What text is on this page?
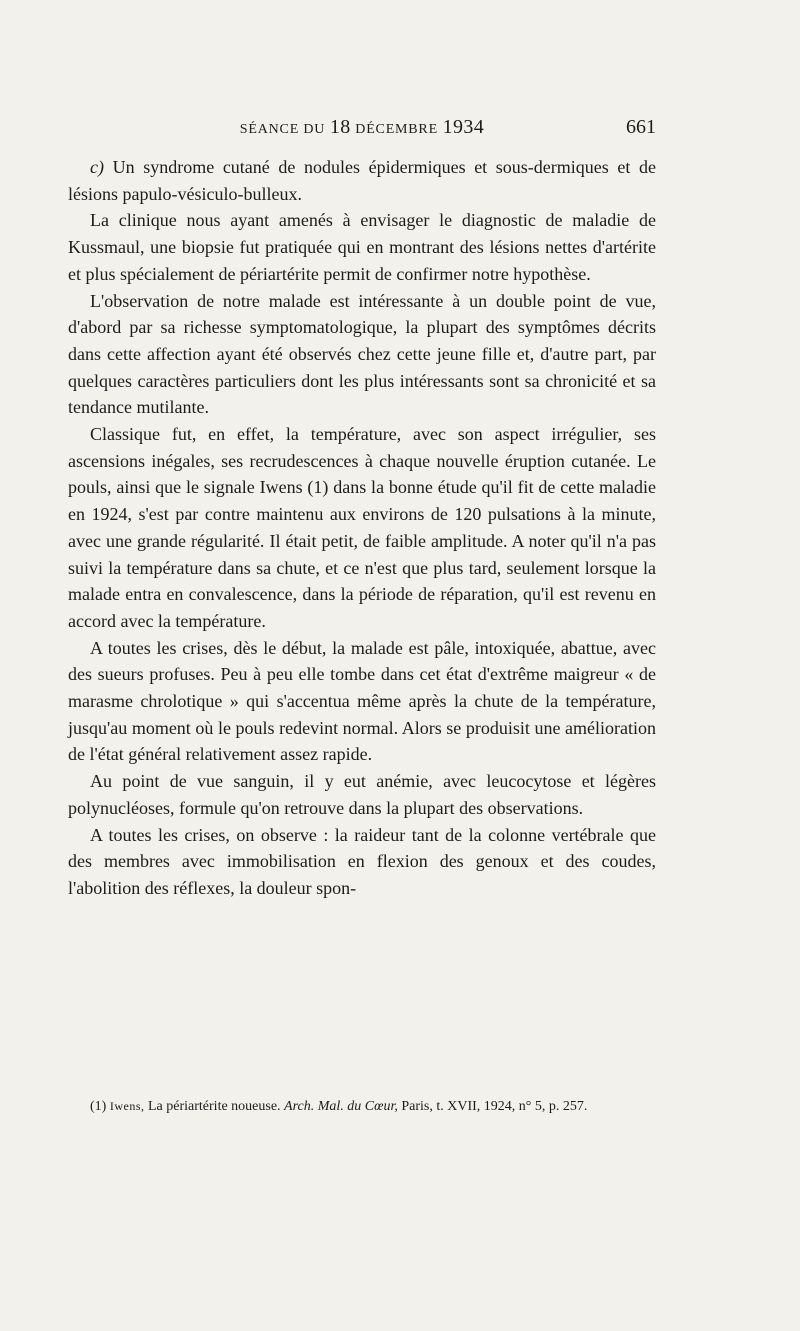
SÉANCE DU 18 DÉCEMBRE 1934	661

c) Un syndrome cutané de nodules épidermiques et sous-dermiques et de lésions papulo-vésiculo-bulleux.

La clinique nous ayant amenés à envisager le diagnostic de maladie de Kussmaul, une biopsie fut pratiquée qui en montrant des lésions nettes d'artérite et plus spécialement de périartérite permit de confirmer notre hypothèse.

L'observation de notre malade est intéressante à un double point de vue, d'abord par sa richesse symptomatologique, la plupart des symptômes décrits dans cette affection ayant été observés chez cette jeune fille et, d'autre part, par quelques caractères particuliers dont les plus intéressants sont sa chronicité et sa tendance mutilante.

Classique fut, en effet, la température, avec son aspect irrégulier, ses ascensions inégales, ses recrudescences à chaque nouvelle éruption cutanée. Le pouls, ainsi que le signale Iwens (1) dans la bonne étude qu'il fit de cette maladie en 1924, s'est par contre maintenu aux environs de 120 pulsations à la minute, avec une grande régularité. Il était petit, de faible amplitude. A noter qu'il n'a pas suivi la température dans sa chute, et ce n'est que plus tard, seulement lorsque la malade entra en convalescence, dans la période de réparation, qu'il est revenu en accord avec la température.

A toutes les crises, dès le début, la malade est pâle, intoxiquée, abattue, avec des sueurs profuses. Peu à peu elle tombe dans cet état d'extrême maigreur « de marasme chrolotique » qui s'accentua même après la chute de la température, jusqu'au moment où le pouls redevint normal. Alors se produisit une amélioration de l'état général relativement assez rapide.

Au point de vue sanguin, il y eut anémie, avec leucocytose et légères polynucléoses, formule qu'on retrouve dans la plupart des observations.

A toutes les crises, on observe : la raideur tant de la colonne vertébrale que des membres avec immobilisation en flexion des genoux et des coudes, l'abolition des réflexes, la douleur spon-

(1) Iwens, La périartérite noueuse. Arch. Mal. du Cœur, Paris, t. XVII, 1924, n° 5, p. 257.
